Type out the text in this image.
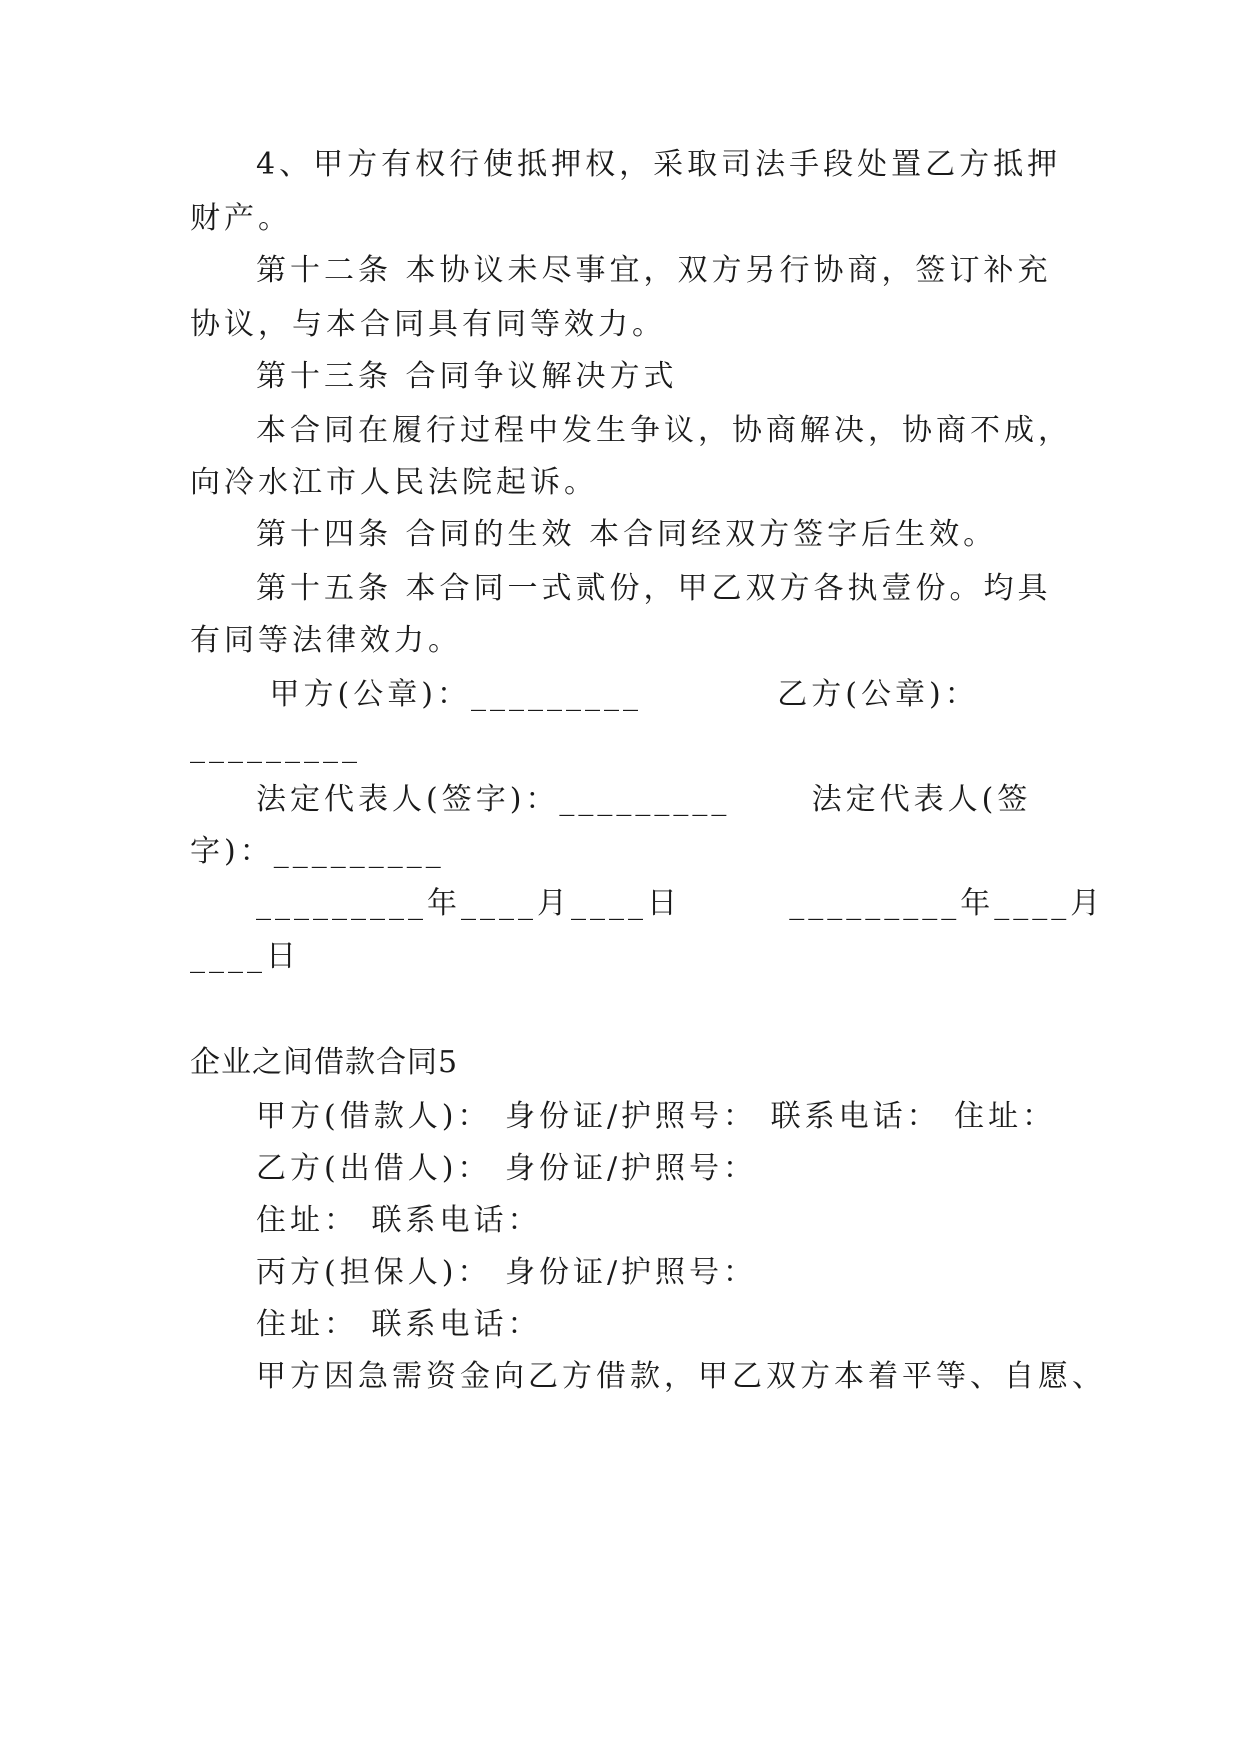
4、甲方有权行使抵押权，采取司法手段处置乙方抵押
财产。
第十二条 本协议未尽事宜，双方另行协商，签订补充
协议，与本合同具有同等效力。
第十三条 合同争议解决方式
本合同在履行过程中发生争议，协商解决，协商不成，
向冷水江市人民法院起诉。
第十四条 合同的生效 本合同经双方签字后生效。
第十五条 本合同一式贰份，甲乙双方各执壹份。均具
有同等法律效力。
甲方(公章)：_________          乙方(公章)：
_________
法定代表人(签字)：_________      法定代表人(签
字)：_________
_________年____月____日        _________年____月
____日
企业之间借款合同5
甲方(借款人)： 身份证/护照号： 联系电话： 住址：
乙方(出借人)： 身份证/护照号：
住址： 联系电话：
丙方(担保人)： 身份证/护照号：
住址： 联系电话：
甲方因急需资金向乙方借款，甲乙双方本着平等、自愿、
